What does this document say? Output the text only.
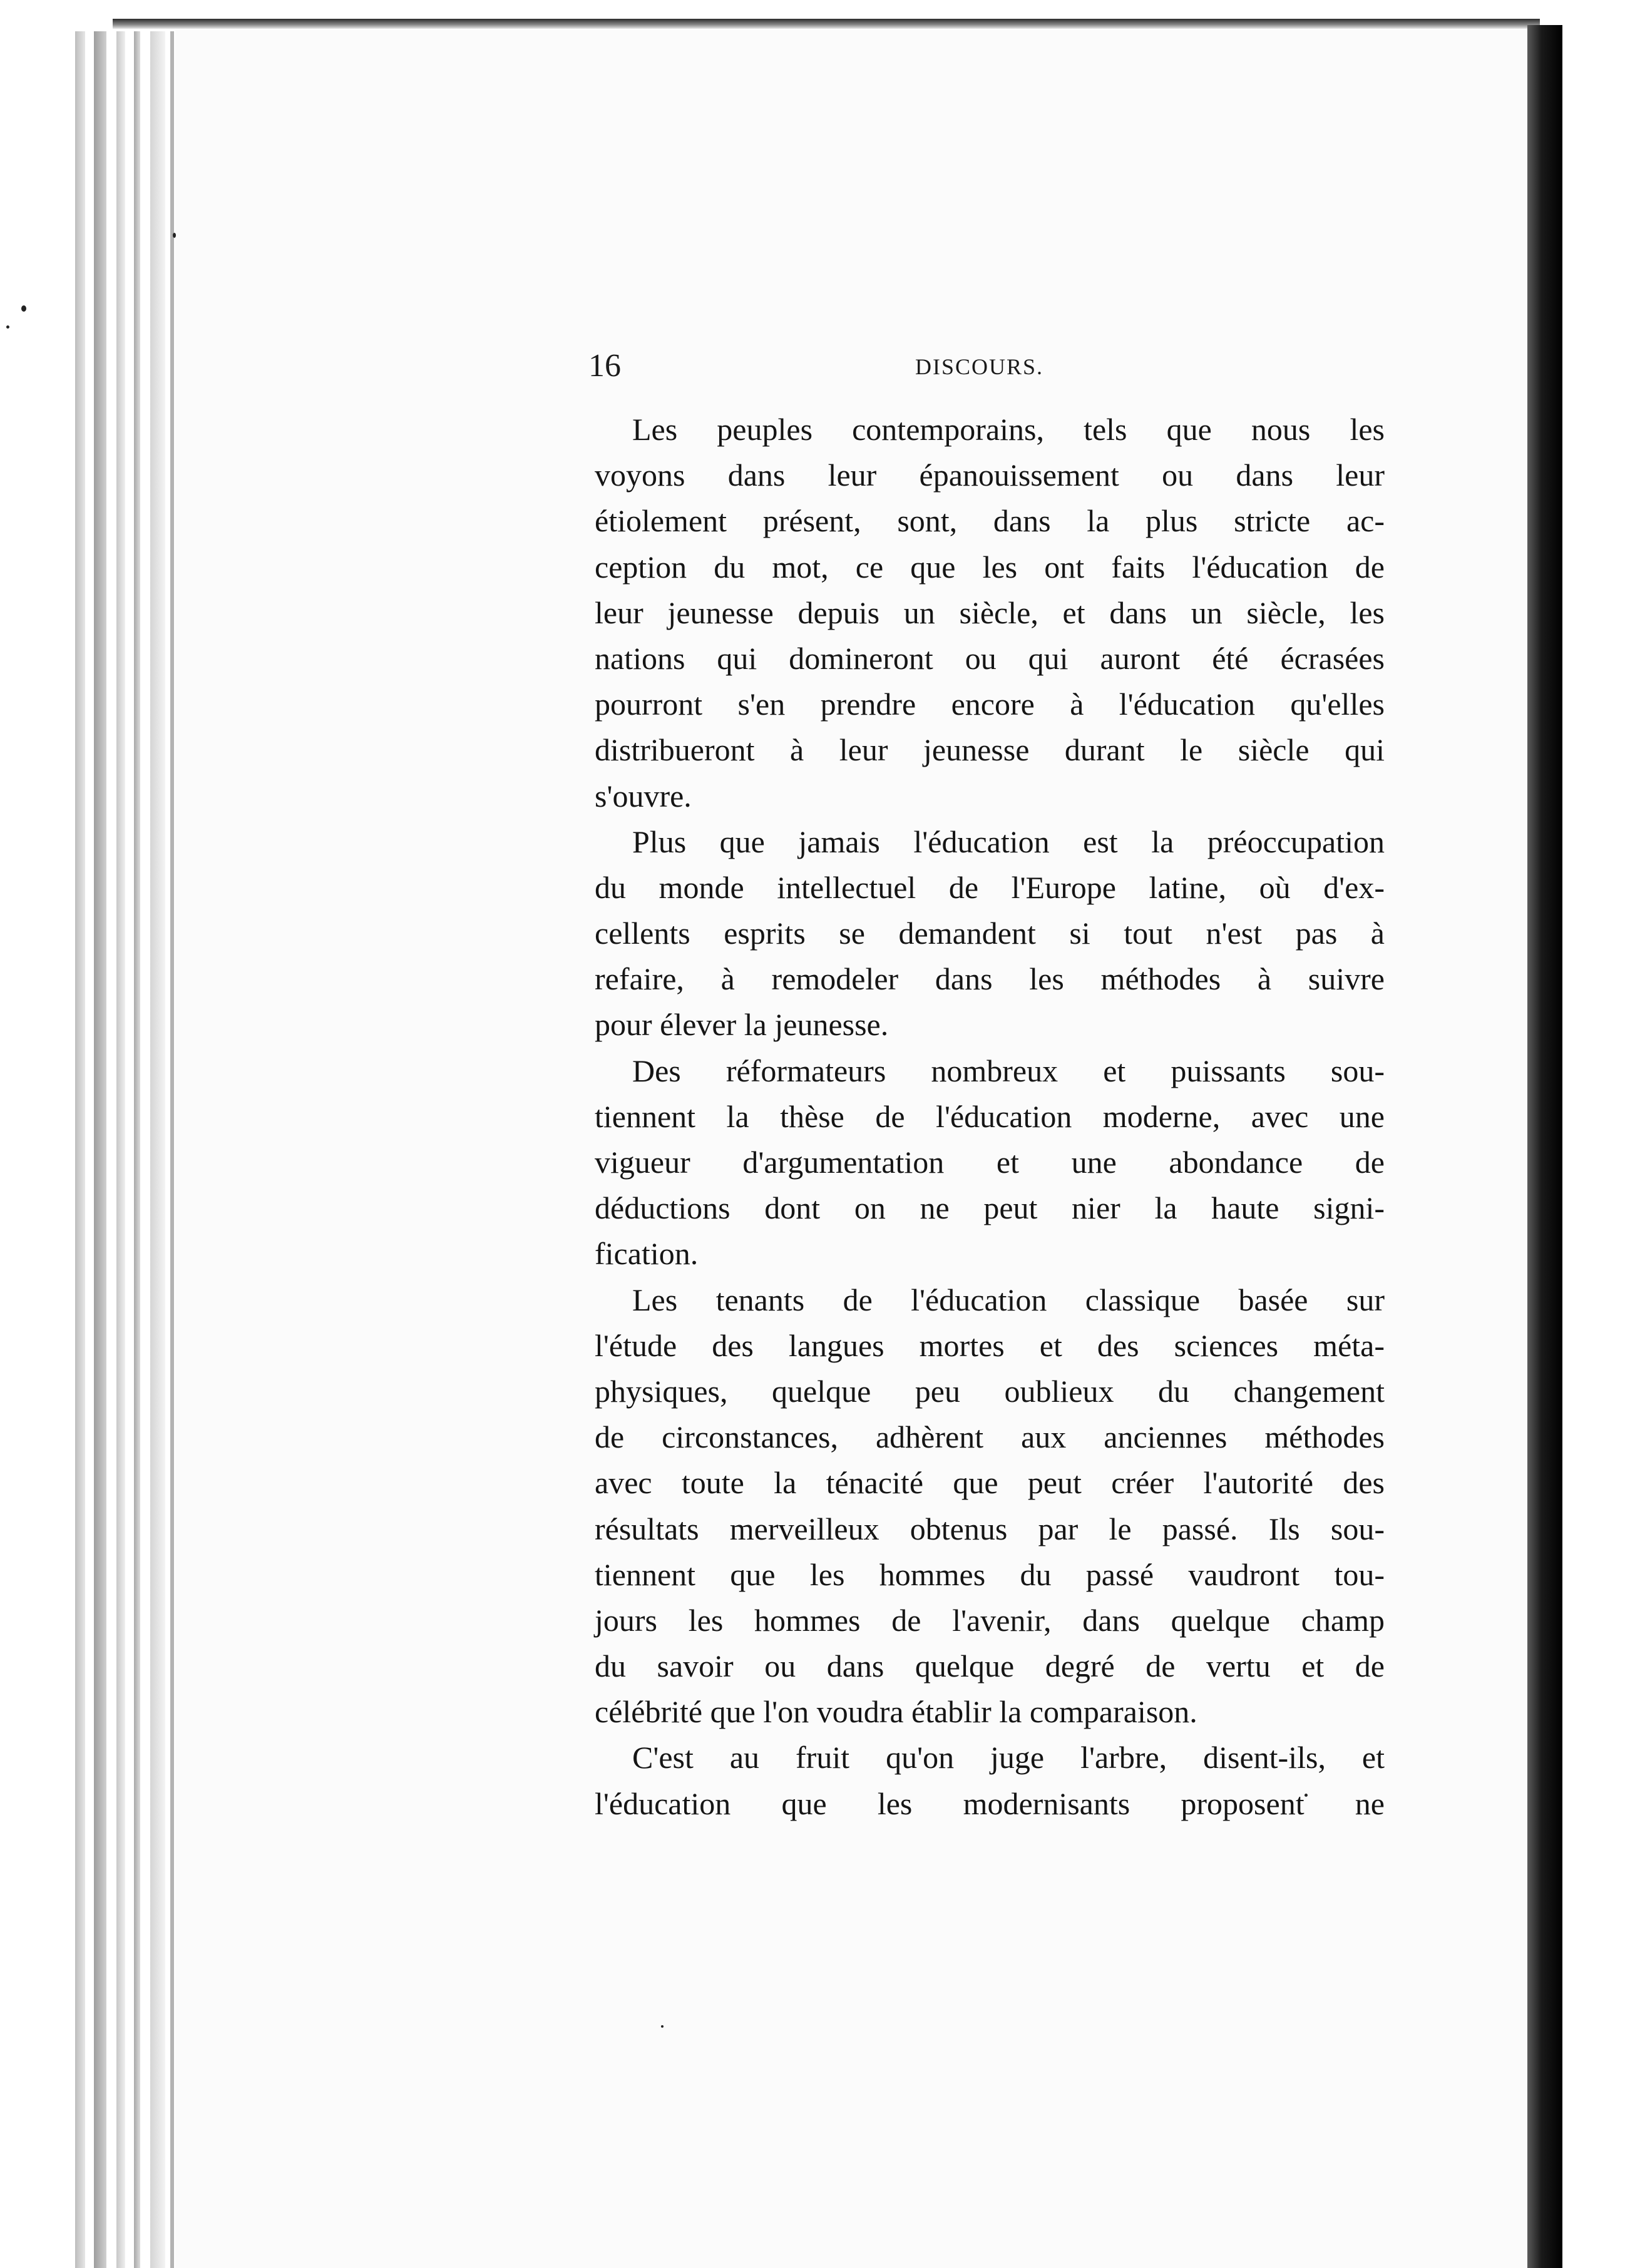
16	DISCOURS.
Les peuples contemporains, tels que nous les
voyons dans leur épanouissement ou dans leur
étiolement présent, sont, dans la plus stricte ac-
ception du mot, ce que les ont faits l'éducation de
leur jeunesse depuis un siècle, et dans un siècle, les
nations qui domineront ou qui auront été écrasées
pourront s'en prendre encore à l'éducation qu'elles
distribueront à leur jeunesse durant le siècle qui
s'ouvre.
Plus que jamais l'éducation est la préoccupation
du monde intellectuel de l'Europe latine, où d'ex-
cellents esprits se demandent si tout n'est pas à
refaire, à remodeler dans les méthodes à suivre
pour élever la jeunesse.
Des réformateurs nombreux et puissants sou-
tiennent la thèse de l'éducation moderne, avec une
vigueur d'argumentation et une abondance de
déductions dont on ne peut nier la haute signi-
fication.
Les tenants de l'éducation classique basée sur
l'étude des langues mortes et des sciences méta-
physiques, quelque peu oublieux du changement
de circonstances, adhèrent aux anciennes méthodes
avec toute la ténacité que peut créer l'autorité des
résultats merveilleux obtenus par le passé. Ils sou-
tiennent que les hommes du passé vaudront tou-
jours les hommes de l'avenir, dans quelque champ
du savoir ou dans quelque degré de vertu et de
célébrité que l'on voudra établir la comparaison.
C'est au fruit qu'on juge l'arbre, disent-ils, et
l'éducation que les modernisants proposent ne
